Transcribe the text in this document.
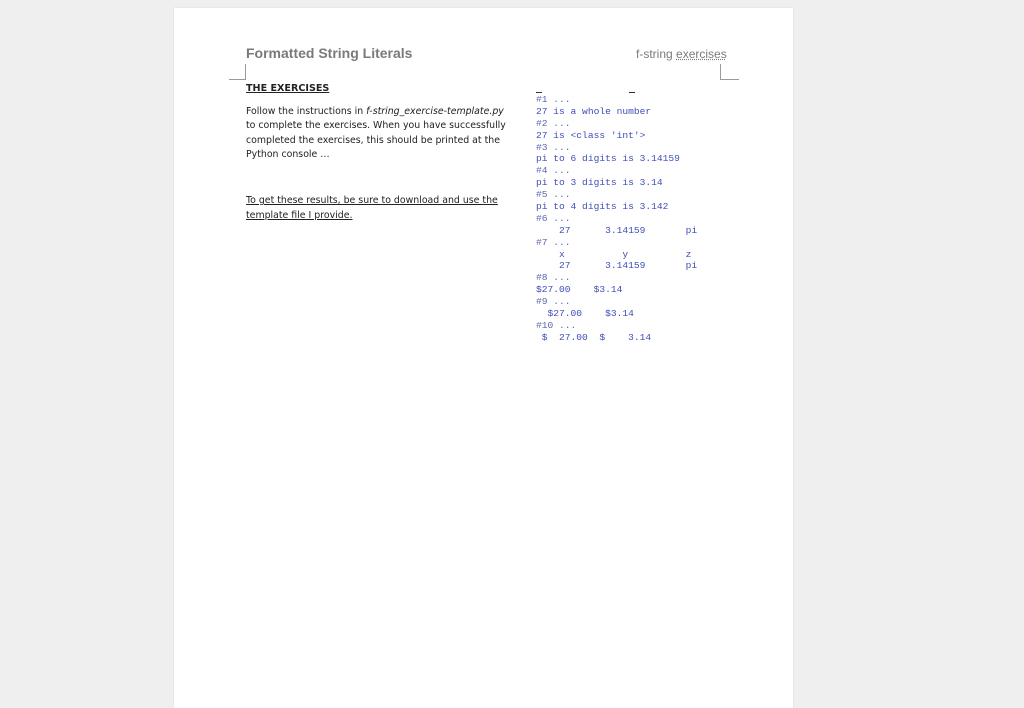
Formatted String Literals	f-string exercises
THE EXERCISES

Follow the instructions in f-string_exercise-template.py to complete the exercises. When you have successfully completed the exercises, this should be printed at the Python console …

To get these results, be sure to download and use the template file I provide.

#1 ...
27 is a whole number
#2 ...
27 is <class 'int'>
#3 ...
pi to 6 digits is 3.14159
#4 ...
pi to 3 digits is 3.14
#5 ...
pi to 4 digits is 3.142
#6 ...
27      3.14159       pi
#7 ...
x          y          z
27      3.14159       pi
#8 ...
$27.00    $3.14
#9 ...
$27.00    $3.14
#10 ...
$  27.00  $    3.14
